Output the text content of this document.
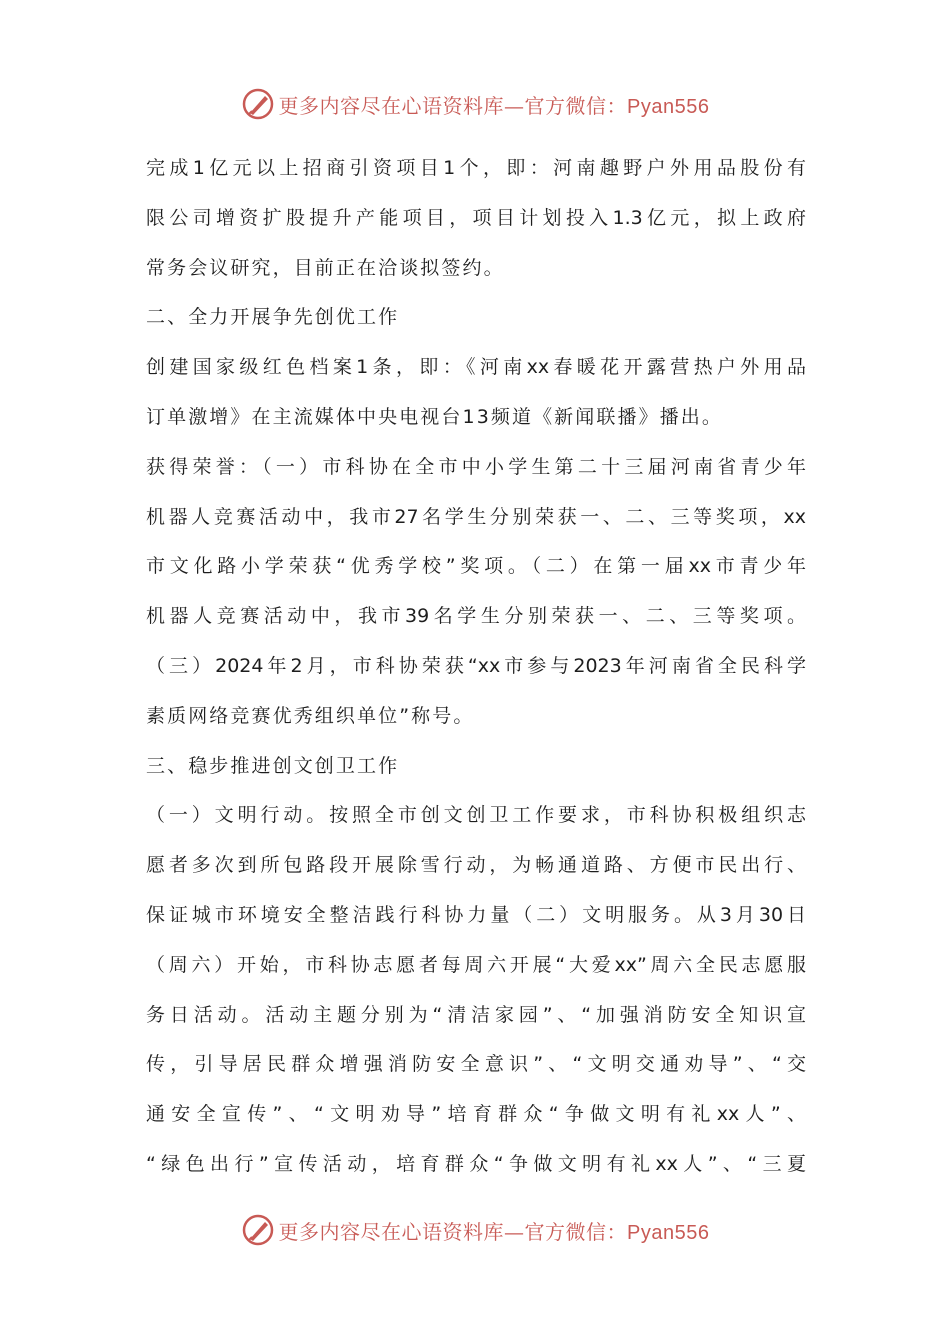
更多内容尽在心语资料库—官方微信：Pyan556
完成1亿元以上招商引资项目1个，即：河南趣野户外用品股份有
限公司增资扩股提升产能项目，项目计划投入1.3亿元，拟上政府
常务会议研究，目前正在洽谈拟签约。
二、全力开展争先创优工作
创建国家级红色档案1条，即：《河南xx春暖花开露营热户外用品
订单激增》在主流媒体中央电视台13频道《新闻联播》播出。
获得荣誉：（一）市科协在全市中小学生第二十三届河南省青少年
机器人竞赛活动中，我市27名学生分别荣获一、二、三等奖项，xx
市文化路小学荣获“优秀学校”奖项。（二）在第一届xx市青少年
机器人竞赛活动中，我市39名学生分别荣获一、二、三等奖项。
（三）2024年2月，市科协荣获“xx市参与2023年河南省全民科学
素质网络竞赛优秀组织单位”称号。
三、稳步推进创文创卫工作
（一）文明行动。按照全市创文创卫工作要求，市科协积极组织志
愿者多次到所包路段开展除雪行动，为畅通道路、方便市民出行、
保证城市环境安全整洁践行科协力量（二）文明服务。从3月30日
（周六）开始，市科协志愿者每周六开展“大爱xx”周六全民志愿服
务日活动。活动主题分别为“清洁家园”、“加强消防安全知识宣
传，引导居民群众增强消防安全意识”、“文明交通劝导”、“交
通安全宣传”、“文明劝导”培育群众“争做文明有礼xx人”、
“绿色出行”宣传活动，培育群众“争做文明有礼xx人”、“三夏
更多内容尽在心语资料库—官方微信：Pyan556
